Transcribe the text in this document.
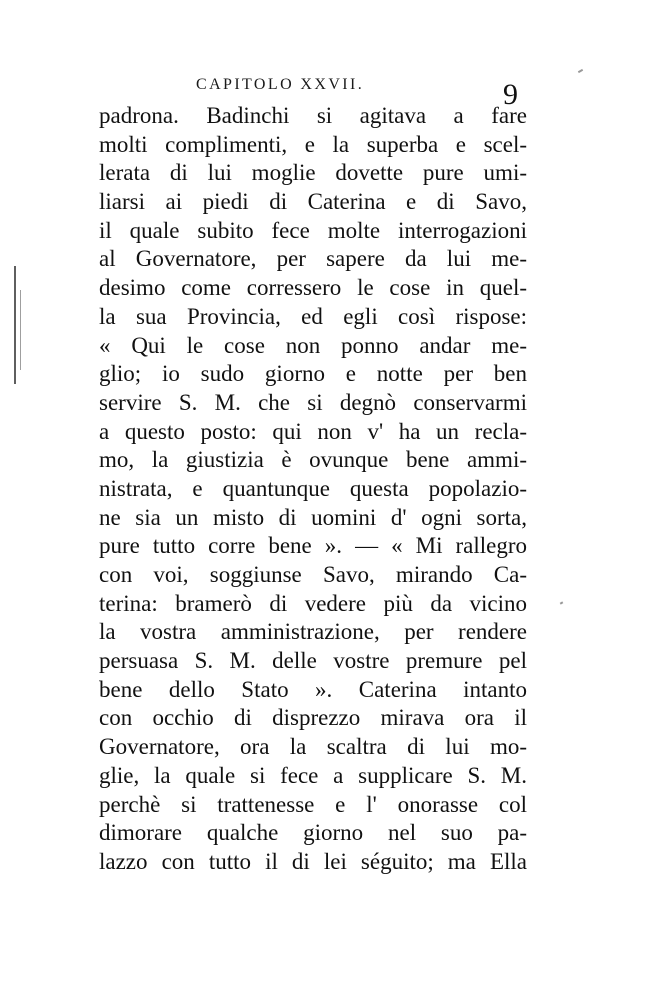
CAPITOLO XXVII.	9
padrona. Badinchi si agitava a fare
molti complimenti, e la superba e scel-
lerata di lui moglie dovette pure umi-
liarsi ai piedi di Caterina e di Savo,
il quale subito fece molte interrogazioni
al Governatore, per sapere da lui me-
desimo come corressero le cose in quel-
la sua Provincia, ed egli così rispose:
« Qui le cose non ponno andar me-
glio; io sudo giorno e notte per ben
servire S. M. che si degnò conservarmi
a questo posto: qui non v' ha un recla-
mo, la giustizia è ovunque bene ammi-
nistrata, e quantunque questa popolazio-
ne sia un misto di uomini d' ogni sorta,
pure tutto corre bene ». — « Mi rallegro
con voi, soggiunse Savo, mirando Ca-
terina: bramerò di vedere più da vicino
la vostra amministrazione, per rendere
persuasa S. M. delle vostre premure pel
bene dello Stato ». Caterina intanto
con occhio di disprezzo mirava ora il
Governatore, ora la scaltra di lui mo-
glie, la quale si fece a supplicare S. M.
perchè si trattenesse e l' onorasse col
dimorare qualche giorno nel suo pa-
lazzo con tutto il di lei séguito; ma Ella
